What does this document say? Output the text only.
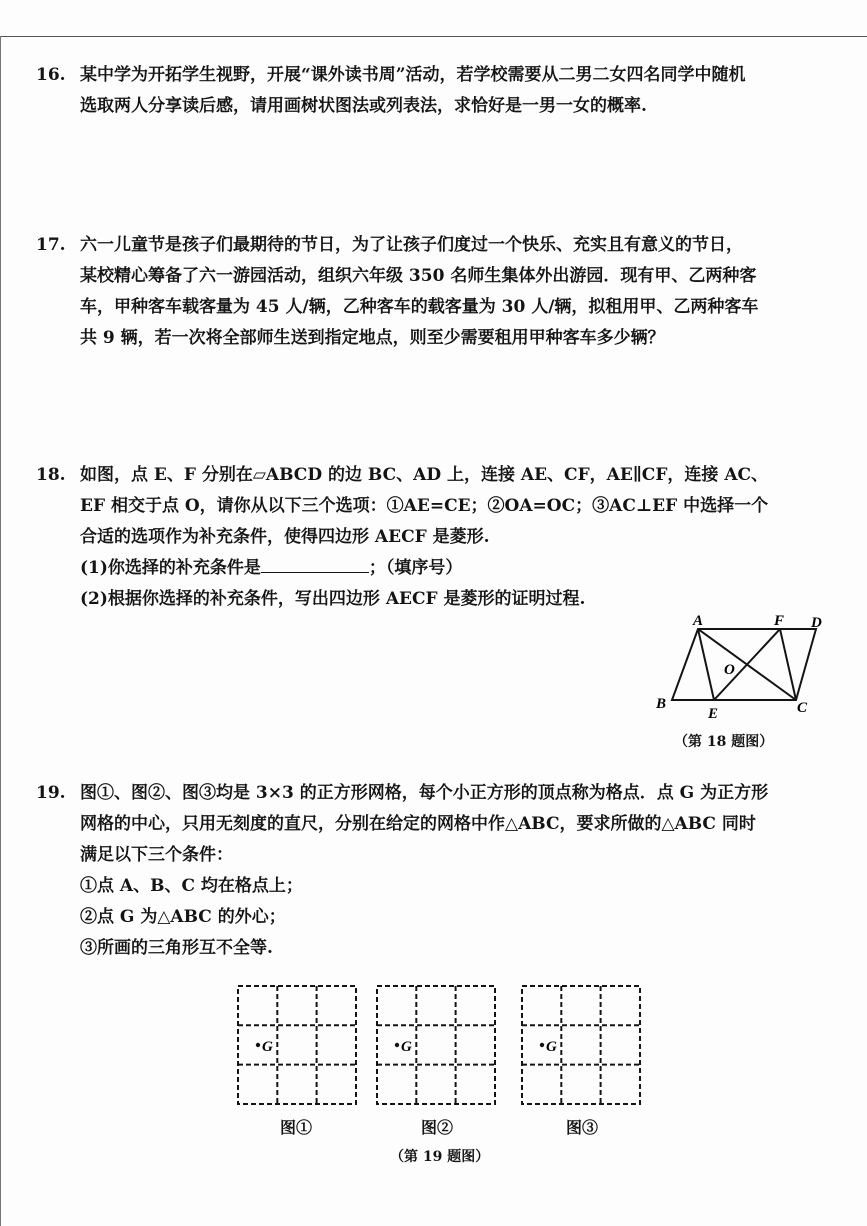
16. 某中学为开拓学生视野，开展“课外读书周”活动，若学校需要从二男二女四名同学中随机
选取两人分享读后感，请用画树状图法或列表法，求恰好是一男一女的概率.
17. 六一儿童节是孩子们最期待的节日，为了让孩子们度过一个快乐、充实且有意义的节日，
某校精心筹备了六一游园活动，组织六年级 350 名师生集体外出游园．现有甲、乙两种客
车，甲种客车载客量为 45 人/辆，乙种客车的载客量为 30 人/辆，拟租用甲、乙两种客车
共 9 辆，若一次将全部师生送到指定地点，则至少需要租用甲种客车多少辆？
18. 如图，点 E、F 分别在▱ABCD 的边 BC、AD 上，连接 AE、CF，AE∥CF，连接 AC、
EF 相交于点 O，请你从以下三个选项：①AE=CE；②OA=OC；③AC⊥EF 中选择一个
合适的选项作为补充条件，使得四边形 AECF 是菱形.
(1)你选择的补充条件是	；（填序号）
(2)根据你选择的补充条件，写出四边形 AECF 是菱形的证明过程.
A	F D
O
B
E	C
（第 18 题图）
19. 图①、图②、图③均是 3×3 的正方形网格，每个小正方形的顶点称为格点．点 G 为正方形
网格的中心，只用无刻度的直尺，分别在给定的网格中作△ABC，要求所做的△ABC 同时
满足以下三个条件：
①点 A、B、C 均在格点上；
②点 G 为△ABC 的外心；
③所画的三角形互不全等.
G
图①
G
图②
G
图③
（第 19 题图）
